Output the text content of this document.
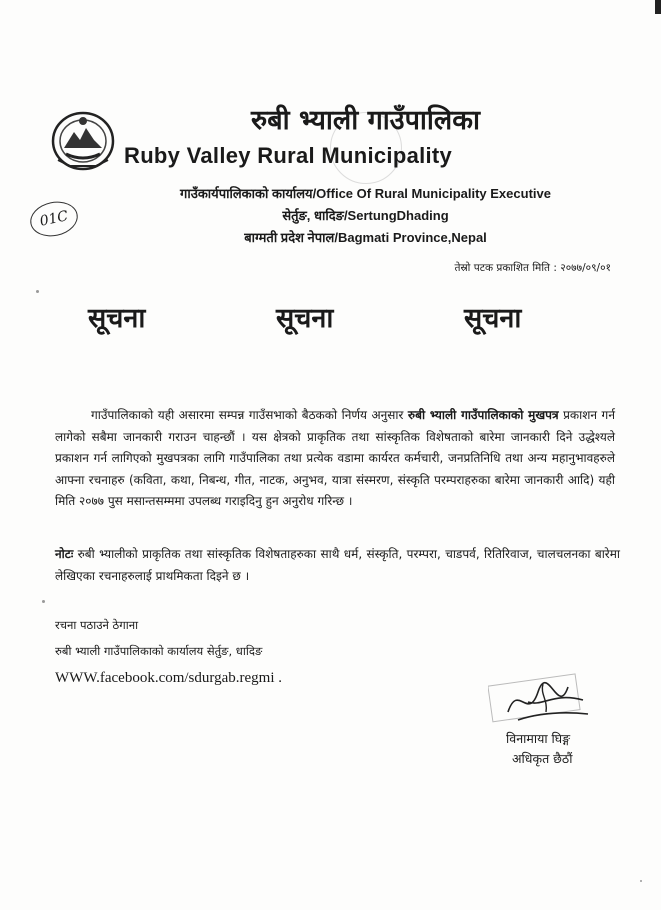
रुबी भ्याली गाउँपालिका
Ruby Valley Rural Municipality
गाउँकार्यपालिकाको कार्यालय/Office Of Rural Municipality Executive
सेर्तुङ, धादिङ/SertungDhading
बाग्मती प्रदेश नेपाल/Bagmati Province,Nepal
01C
तेस्रो पटक प्रकाशित मिति : २०७७/०९/०१
सूचना	सूचना	सूचना
गाउँपालिकाको यही असारमा सम्पन्न गाउँसभाको बैठकको निर्णय अनुसार रुबी भ्याली गाउँपालिकाको मुखपत्र प्रकाशन गर्न लागेको सबैमा जानकारी गराउन चाहन्छौं । यस क्षेत्रको प्राकृतिक तथा सांस्कृतिक विशेषताको बारेमा जानकारी दिने उद्धेश्यले प्रकाशन गर्न लागिएको मुखपत्रका लागि गाउँपालिका तथा प्रत्येक वडामा कार्यरत कर्मचारी, जनप्रतिनिधि तथा अन्य महानुभावहरुले आफ्ना रचनाहरु (कविता, कथा, निबन्ध, गीत, नाटक, अनुभव, यात्रा संस्मरण, संस्कृति परम्पराहरुका बारेमा जानकारी आदि) यही मिति २०७७ पुस मसान्तसम्ममा उपलब्ध गराइदिनु हुन अनुरोध गरिन्छ ।
नोटः रुबी भ्यालीको प्राकृतिक तथा सांस्कृतिक विशेषताहरुका साथै धर्म, संस्कृति, परम्परा, चाडपर्व, रितिरिवाज, चालचलनका बारेमा लेखिएका रचनाहरुलाई प्राथमिकता दिइने छ ।
रचना पठाउने ठेगाना
रुबी भ्याली गाउँपालिकाको कार्यालय सेर्तुङ, धादिङ
WWW.facebook.com/sdurgab.regmi .
विनामाया घिङ्ग
अधिकृत छैठौं
